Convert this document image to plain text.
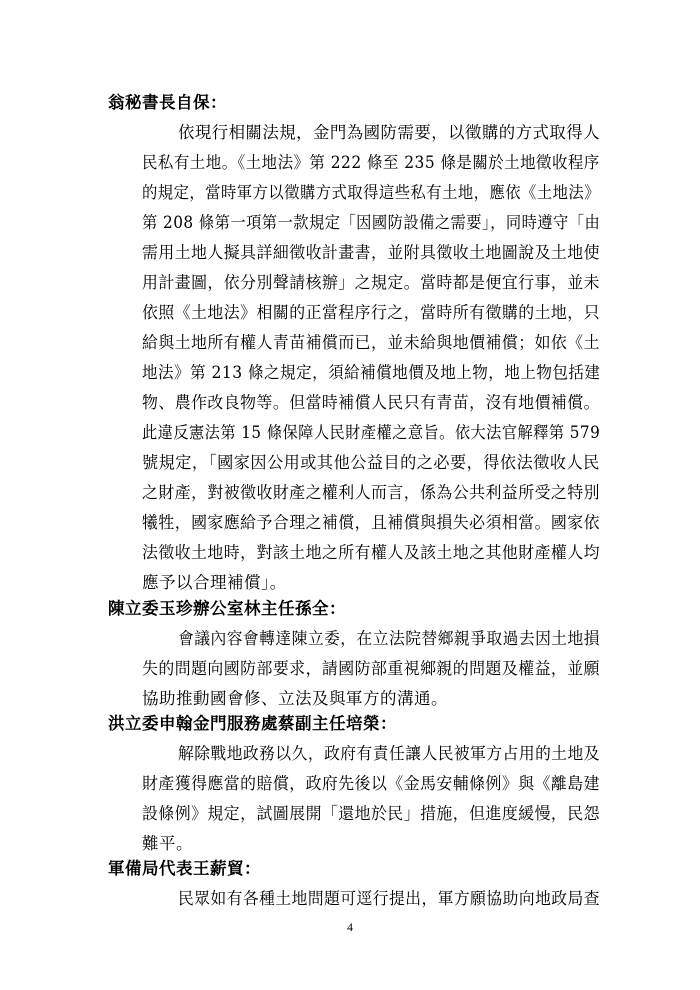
翁秘書長自保：
依現行相關法規，金門為國防需要，以徵購的方式取得人
民私有土地。《土地法》第 222 條至 235 條是關於土地徵收程序
的規定，當時軍方以徵購方式取得這些私有土地，應依《土地法》
第 208 條第一項第一款規定「因國防設備之需要」，同時遵守「由
需用土地人擬具詳細徵收計畫書，並附具徵收土地圖說及土地使
用計畫圖，依分別聲請核辦」之規定。當時都是便宜行事，並未
依照《土地法》相關的正當程序行之，當時所有徵購的土地，只
給與土地所有權人青苗補償而已，並未給與地價補償；如依《土
地法》第 213 條之規定，須給補償地價及地上物，地上物包括建
物、農作改良物等。但當時補償人民只有青苗，沒有地價補償。
此違反憲法第 15 條保障人民財產權之意旨。依大法官解釋第 579
號規定，「國家因公用或其他公益目的之必要，得依法徵收人民
之財產，對被徵收財產之權利人而言，係為公共利益所受之特別
犧牲，國家應給予合理之補償，且補償與損失必須相當。國家依
法徵收土地時，對該土地之所有權人及該土地之其他財產權人均
應予以合理補償」。
陳立委玉珍辦公室林主任孫全：
會議內容會轉達陳立委，在立法院替鄉親爭取過去因土地損
失的問題向國防部要求，請國防部重視鄉親的問題及權益，並願
協助推動國會修、立法及與軍方的溝通。
洪立委申翰金門服務處蔡副主任培榮：
解除戰地政務以久，政府有責任讓人民被軍方占用的土地及
財產獲得應當的賠償，政府先後以《金馬安輔條例》與《離島建
設條例》規定，試圖展開「還地於民」措施，但進度緩慢，民怨
難平。
軍備局代表王薪貿：
民眾如有各種土地問題可逕行提出，軍方願協助向地政局查
4
